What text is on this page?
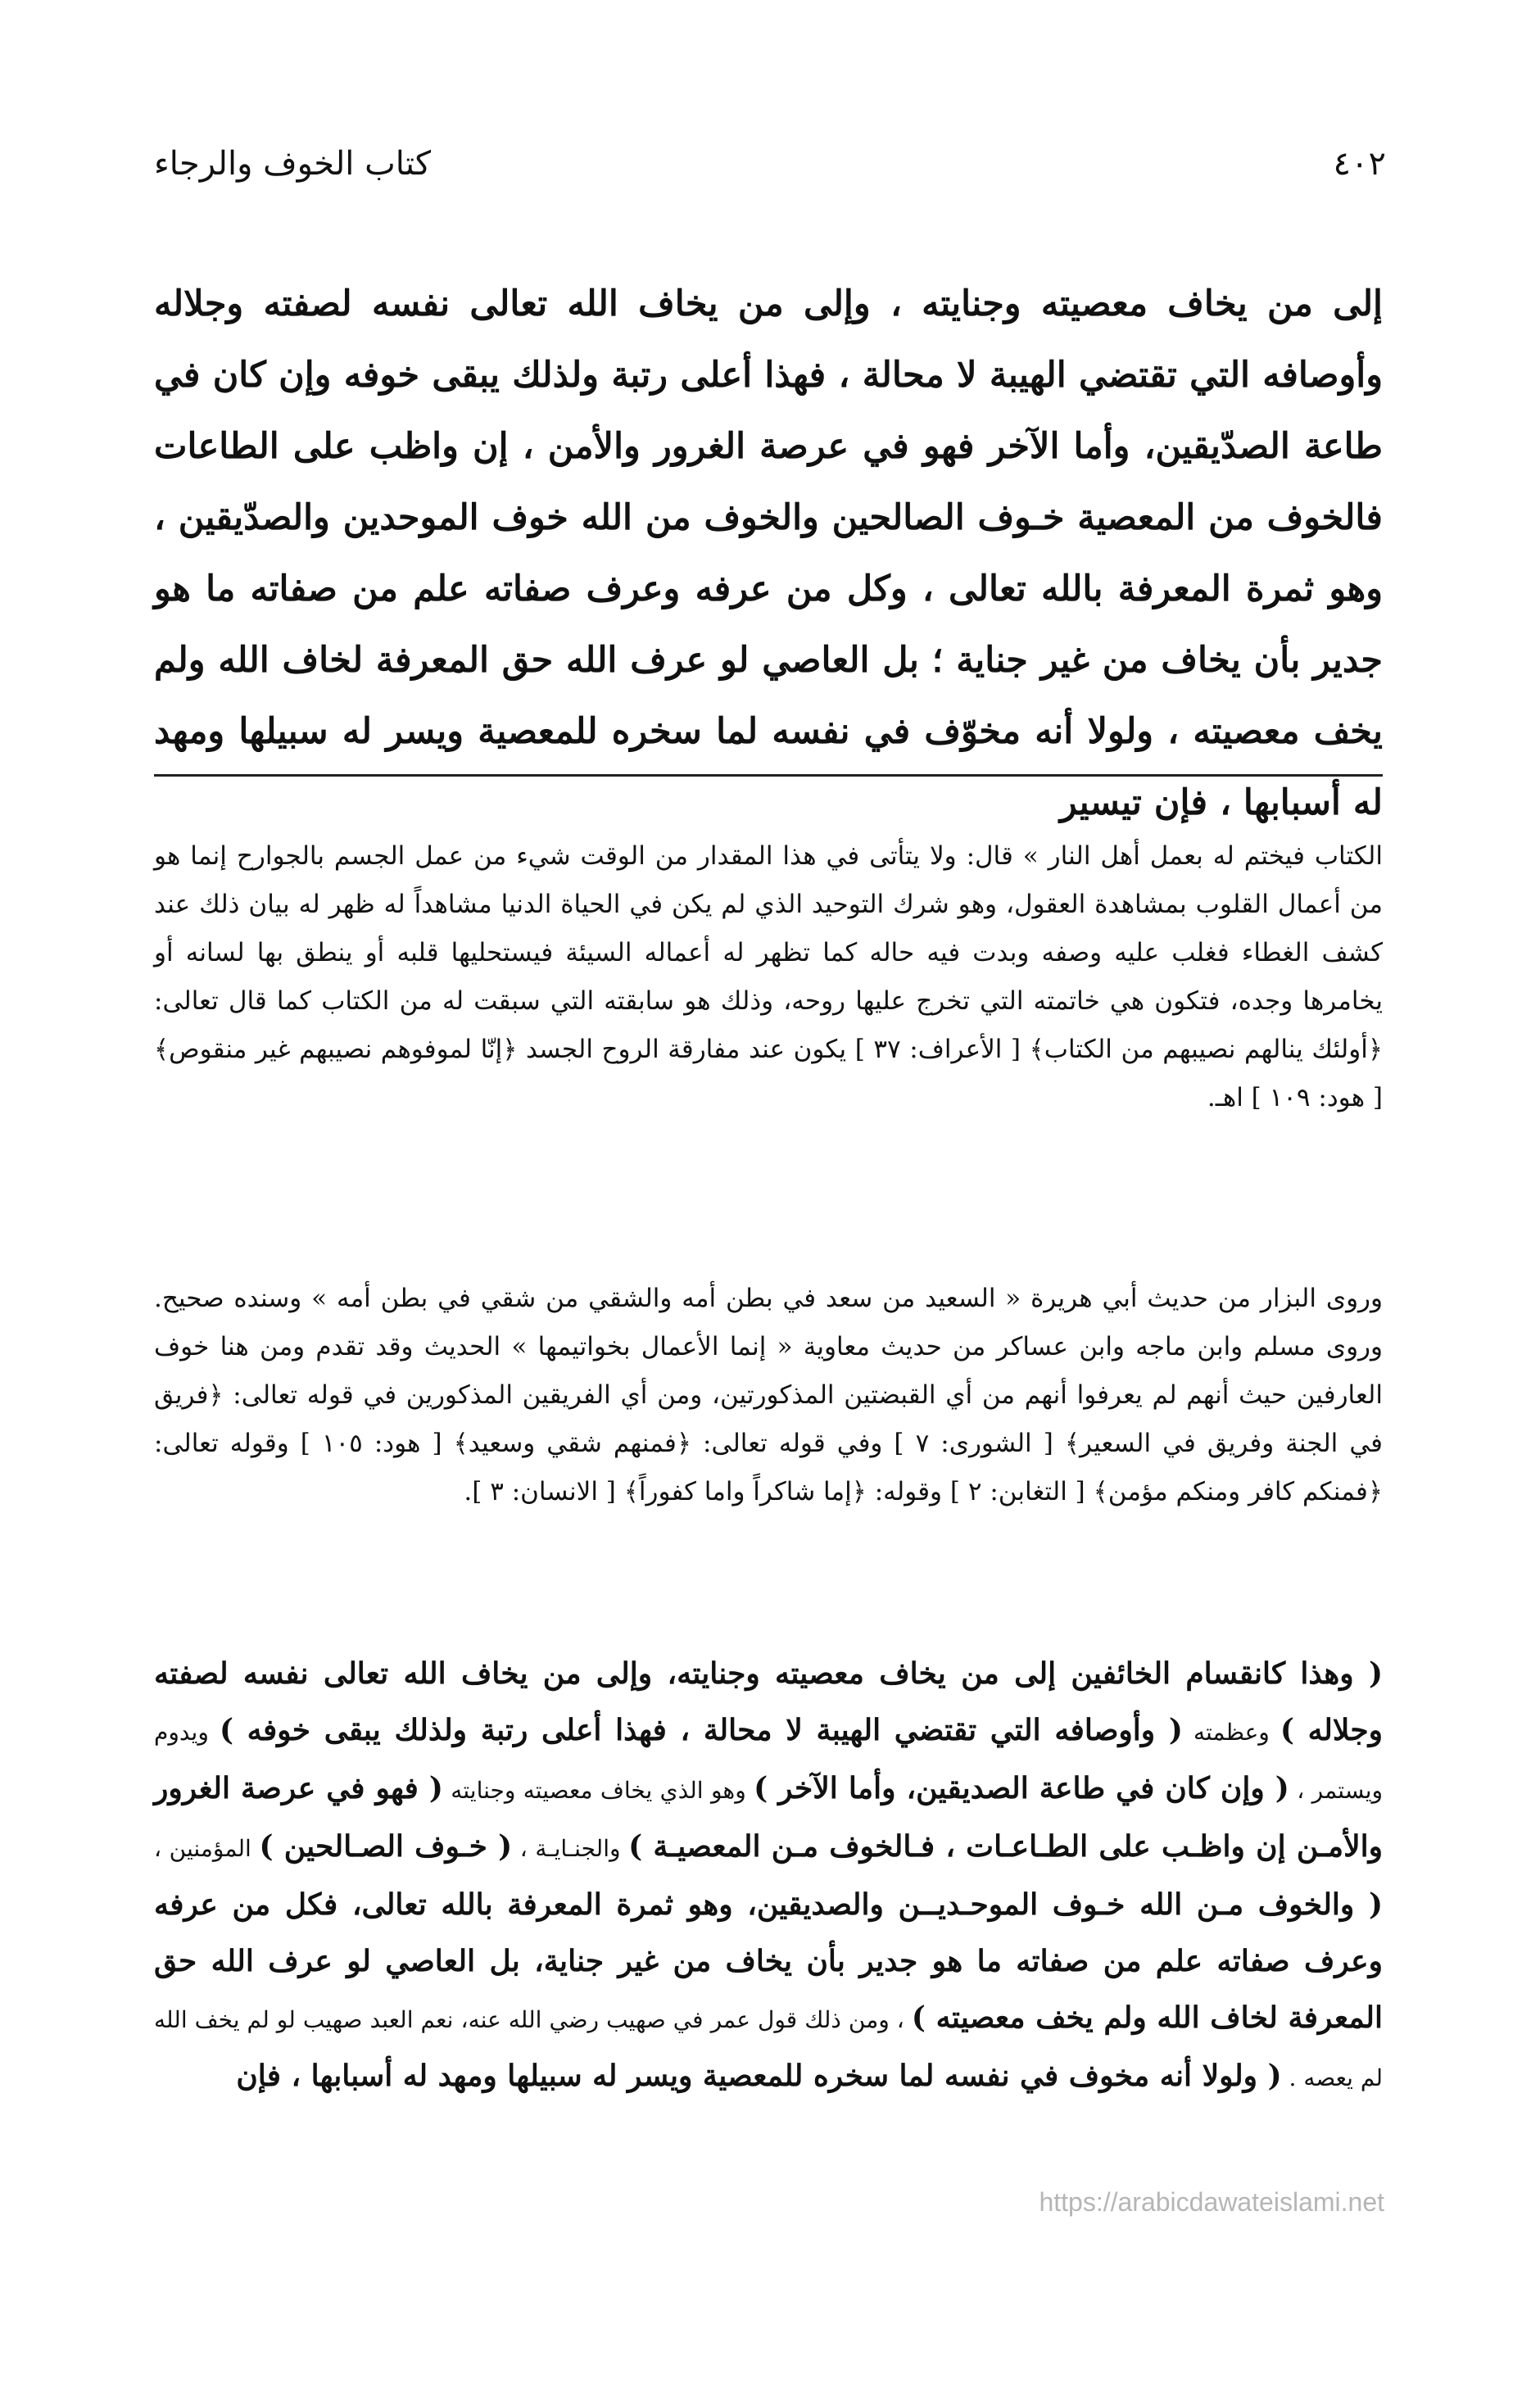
٤٠٢
كتاب الخوف والرجاء

إلى من يخاف معصيته وجنايته ، وإلى من يخاف الله تعالى نفسه لصفته وجلاله وأوصافه التي تقتضي الهيبة لا محالة ، فهذا أعلى رتبة ولذلك يبقى خوفه وإن كان في طاعة الصدّيقين، وأما الآخر فهو في عرصة الغرور والأمن ، إن واظب على الطاعات فالخوف من المعصية خـوف الصالحين والخوف من الله خوف الموحدين والصدّيقين ، وهو ثمرة المعرفة بالله تعالى ، وكل من عرفه وعرف صفاته علم من صفاته ما هو جدير بأن يخاف من غير جناية ؛ بل العاصي لو عرف الله حق المعرفة لخاف الله ولم يخف معصيته ، ولولا أنه مخوّف في نفسه لما سخره للمعصية ويسر له سبيلها ومهد له أسبابها ، فإن تيسير

الكتاب فيختم له بعمل أهل النار » قال: ولا يتأتى في هذا المقدار من الوقت شيء من عمل الجسم بالجوارح إنما هو من أعمال القلوب بمشاهدة العقول، وهو شرك التوحيد الذي لم يكن في الحياة الدنيا مشاهداً له ظهر له بيان ذلك عند كشف الغطاء فغلب عليه وصفه وبدت فيه حاله كما تظهر له أعماله السيئة فيستحليها قلبه أو ينطق بها لسانه أو يخامرها وجده، فتكون هي خاتمته التي تخرج عليها روحه، وذلك هو سابقته التي سبقت له من الكتاب كما قال تعالى: ﴿أولئك ينالهم نصيبهم من الكتاب﴾ [ الأعراف: ٣٧ ] يكون عند مفارقة الروح الجسد ﴿إنّا لموفوهم نصيبهم غير منقوص﴾ [ هود: ١٠٩ ] اهـ.

وروى البزار من حديث أبي هريرة « السعيد من سعد في بطن أمه والشقي من شقي في بطن أمه » وسنده صحيح. وروى مسلم وابن ماجه وابن عساكر من حديث معاوية « إنما الأعمال بخواتيمها » الحديث وقد تقدم ومن هنا خوف العارفين حيث أنهم لم يعرفوا أنهم من أي القبضتين المذكورتين، ومن أي الفريقين المذكورين في قوله تعالى: ﴿فريق في الجنة وفريق في السعير﴾ [ الشورى: ٧ ] وفي قوله تعالى: ﴿فمنهم شقي وسعيد﴾ [ هود: ١٠٥ ] وقوله تعالى: ﴿فمنكم كافر ومنكم مؤمن﴾ [ التغابن: ٢ ] وقوله: ﴿إما شاكراً واما كفوراً﴾ [ الانسان: ٣ ].

( وهذا كانقسام الخائفين إلى من يخاف معصيته وجنايته، وإلى من يخاف الله تعالى نفسه لصفته وجلاله ) وعظمته ( وأوصافه التي تقتضي الهيبة لا محالة ، فهذا أعلى رتبة ولذلك يبقى خوفه ) ويدوم ويستمر ، ( وإن كان في طاعة الصديقين، وأما الآخر ) وهو الذي يخاف معصيته وجنايته ( فهو في عرصة الغرور والأمـن إن واظـب على الطـاعـات ، فـالخوف مـن المعصيـة ) والجنـايـة ، ( خـوف الصـالحين ) المؤمنين ، ( والخوف مـن الله خـوف الموحـديــن والصديقين، وهو ثمرة المعرفة بالله تعالى، فكل من عرفه وعرف صفاته علم من صفاته ما هو جدير بأن يخاف من غير جناية، بل العاصي لو عرف الله حق المعرفة لخاف الله ولم يخف معصيته ) ، ومن ذلك قول عمر في صهيب رضي الله عنه، نعم العبد صهيب لو لم يخف الله لم يعصه . ( ولولا أنه مخوف في نفسه لما سخره للمعصية ويسر له سبيلها ومهد له أسبابها ، فإن

https://arabicdawateislami.net
